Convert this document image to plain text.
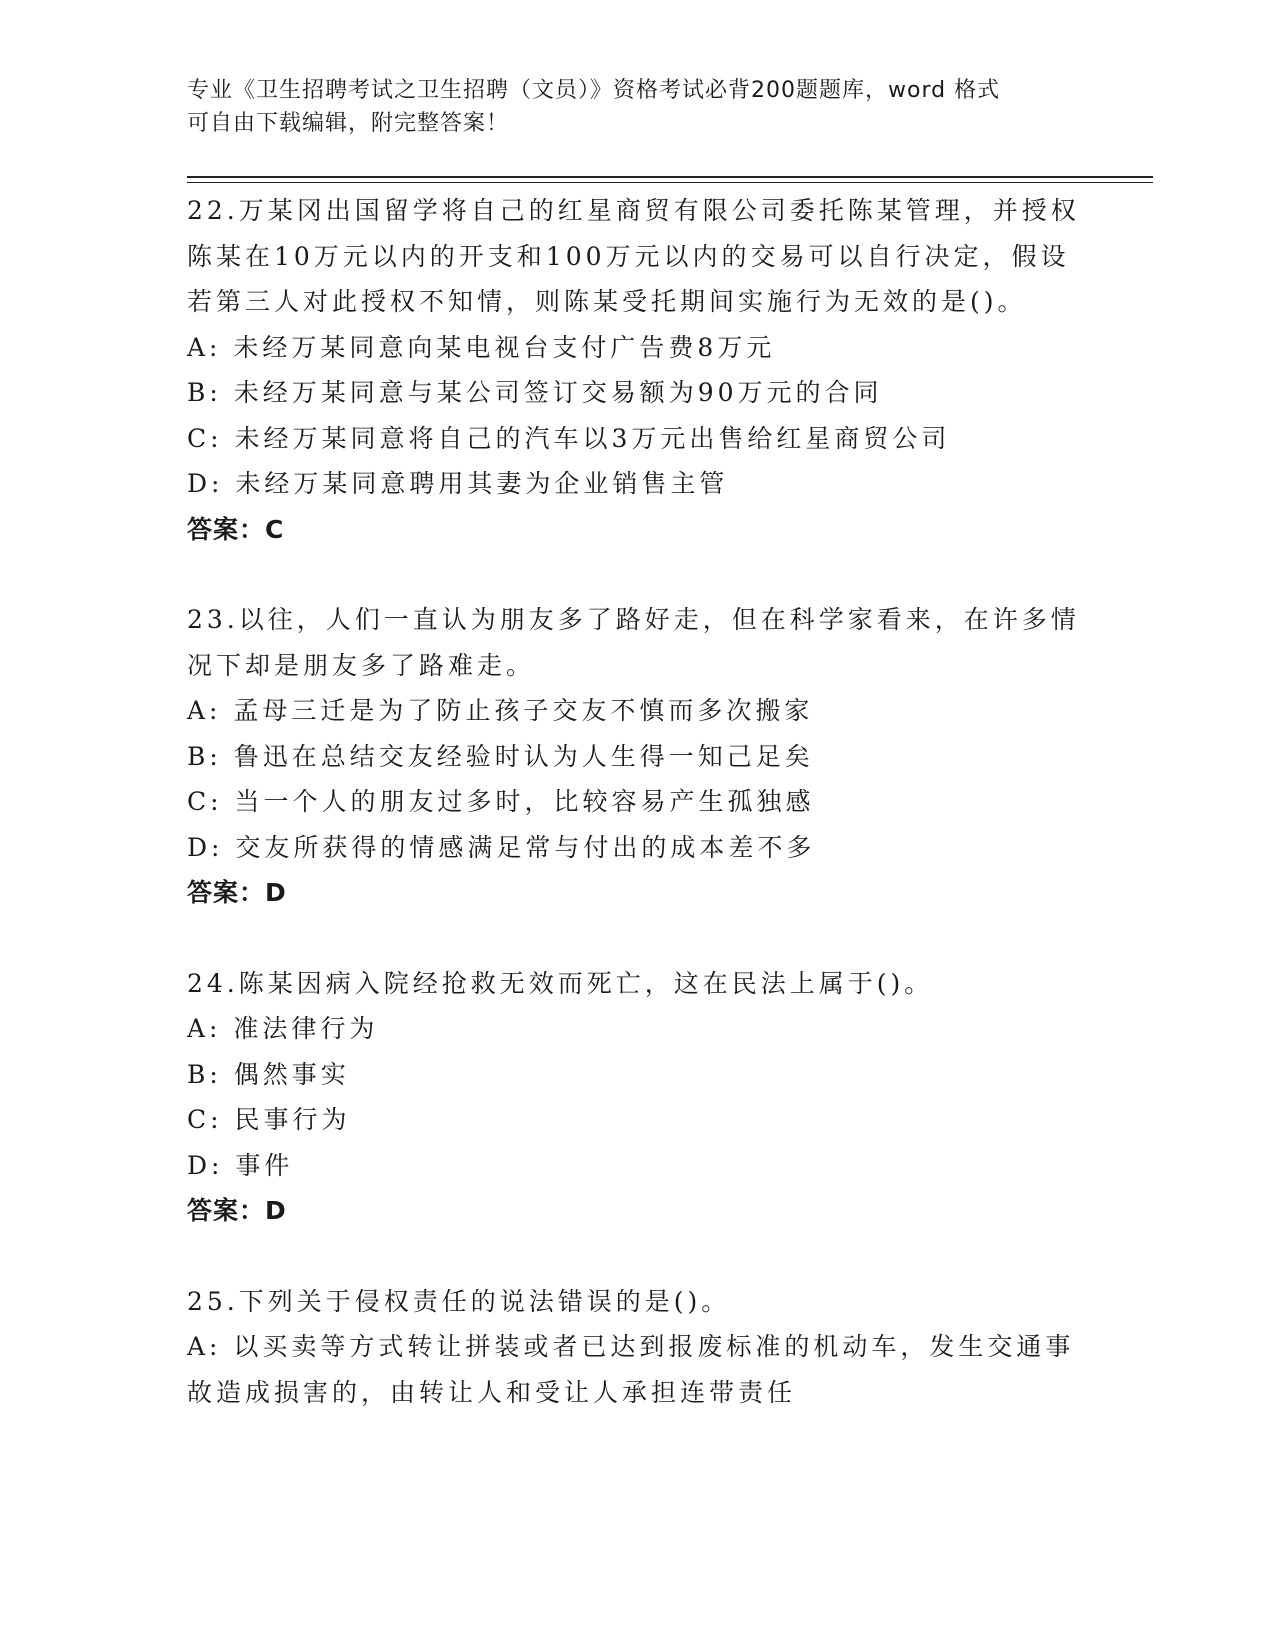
专业《卫生招聘考试之卫生招聘（文员）》资格考试必背200题题库，word 格式
可自由下载编辑，附完整答案！
22.万某冈出国留学将自己的红星商贸有限公司委托陈某管理，并授权
陈某在10万元以内的开支和100万元以内的交易可以自行决定，假设
若第三人对此授权不知情，则陈某受托期间实施行为无效的是()。
A: 未经万某同意向某电视台支付广告费8万元
B: 未经万某同意与某公司签订交易额为90万元的合同
C: 未经万某同意将自己的汽车以3万元出售给红星商贸公司
D: 未经万某同意聘用其妻为企业销售主管
答案：C
23.以往，人们一直认为朋友多了路好走，但在科学家看来，在许多情
况下却是朋友多了路难走。
A: 孟母三迁是为了防止孩子交友不慎而多次搬家
B: 鲁迅在总结交友经验时认为人生得一知己足矣
C: 当一个人的朋友过多时，比较容易产生孤独感
D: 交友所获得的情感满足常与付出的成本差不多
答案：D
24.陈某因病入院经抢救无效而死亡，这在民法上属于()。
A: 准法律行为
B: 偶然事实
C: 民事行为
D: 事件
答案：D
25.下列关于侵权责任的说法错误的是()。
A: 以买卖等方式转让拼装或者已达到报废标准的机动车，发生交通事
故造成损害的，由转让人和受让人承担连带责任
